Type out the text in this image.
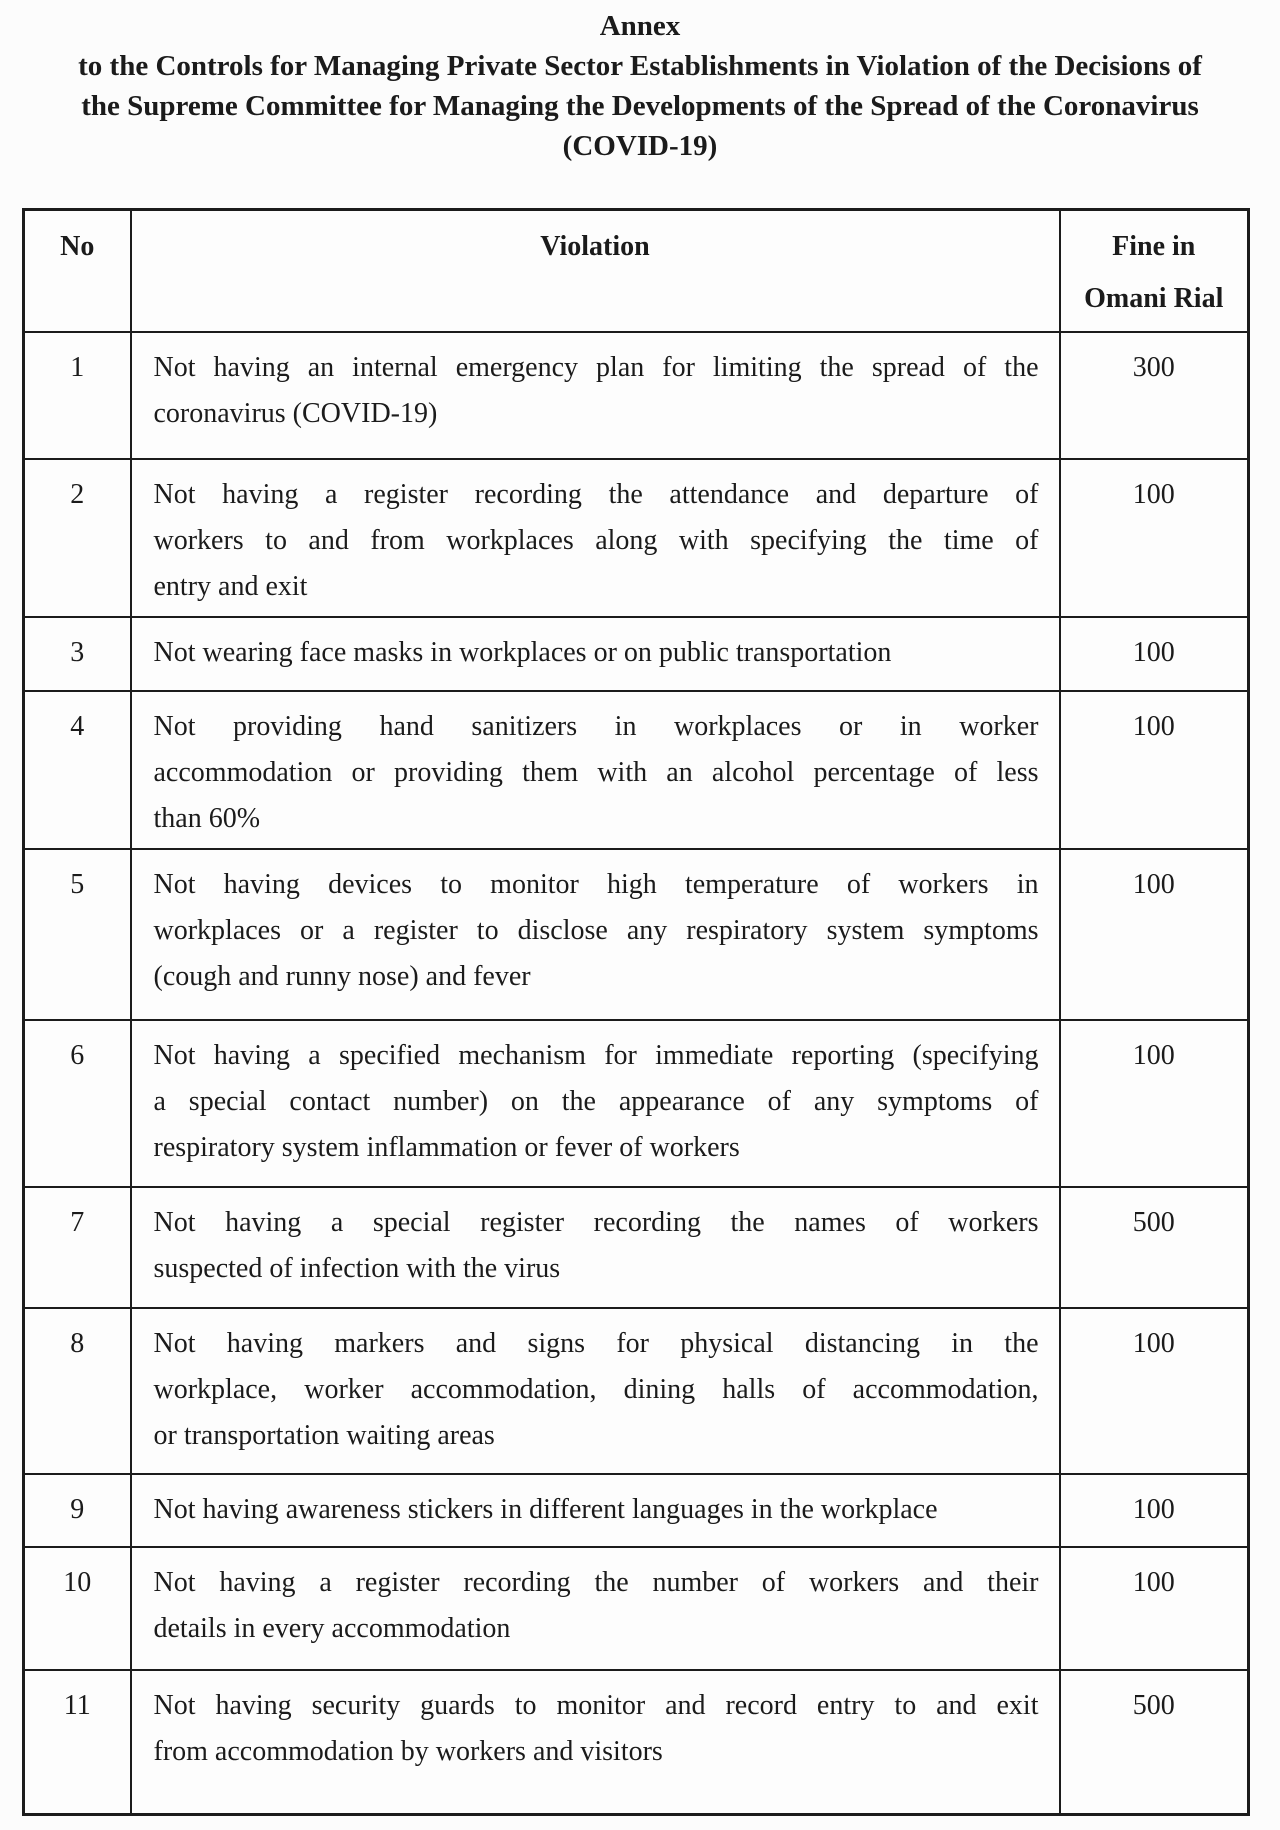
Annex
to the Controls for Managing Private Sector Establishments in Violation of the Decisions of
the Supreme Committee for Managing the Developments of the Spread of the Coronavirus
(COVID-19)
No	Violation	Fine in Omani Rial
1	Not having an internal emergency plan for limiting the spread of the
coronavirus (COVID-19)	300
2	Not having a register recording the attendance and departure of
workers to and from workplaces along with specifying the time of
entry and exit	100
3	Not wearing face masks in workplaces or on public transportation	100
4	Not providing hand sanitizers in workplaces or in worker
accommodation or providing them with an alcohol percentage of less
than 60%	100
5	Not having devices to monitor high temperature of workers in
workplaces or a register to disclose any respiratory system symptoms
(cough and runny nose) and fever	100
6	Not having a specified mechanism for immediate reporting (specifying
a special contact number) on the appearance of any symptoms of
respiratory system inflammation or fever of workers	100
7	Not having a special register recording the names of workers
suspected of infection with the virus	500
8	Not having markers and signs for physical distancing in the
workplace, worker accommodation, dining halls of accommodation,
or transportation waiting areas	100
9	Not having awareness stickers in different languages in the workplace	100
10	Not having a register recording the number of workers and their
details in every accommodation	100
11	Not having security guards to monitor and record entry to and exit
from accommodation by workers and visitors	500
